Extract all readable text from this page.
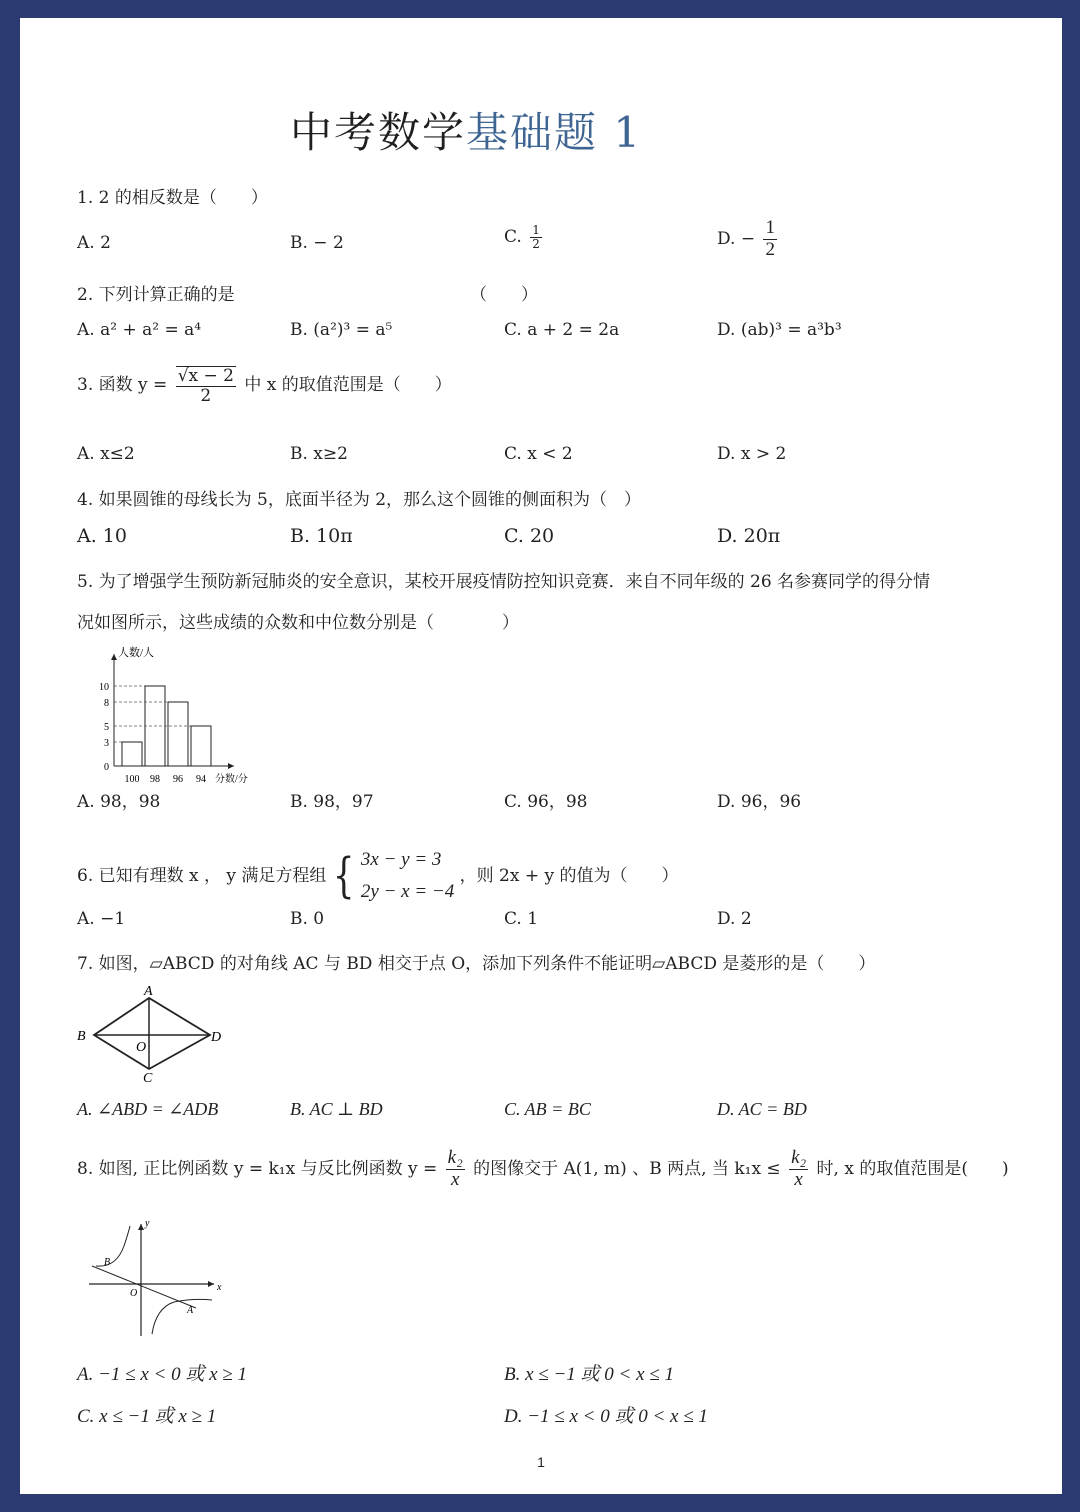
中考数学基础题 1
1. 2 的相反数是（　　）
A. 2	B. − 2	C. $\frac{1}{2}$	D. − $\frac{1}{2}$
2. 下列计算正确的是	（　　）
A. a² + a² = a⁴	B. (a²)³ = a⁵	C. a + 2 = 2a	D. (ab)³ = a³b³
3. 函数 $y = \frac{√x - 2}{2}$ 中 x 的取值范围是（　　）
A. x≤2	B. x≥2	C. x < 2	D. x > 2
4. 如果圆锥的母线长为 5，底面半径为 2，那么这个圆锥的侧面积为（　）
A. 10	B. 10π	C. 20	D. 20π
5. 为了增强学生预防新冠肺炎的安全意识，某校开展疫情防控知识竞赛．来自不同年级的 26 名参赛同学的得分情
况如图所示，这些成绩的众数和中位数分别是（　　　　）
人数/人
分数/分
0
3
5
8
10
100 98 96 94
A. 98，98	B. 98，97	C. 96，98	D. 96，96
6. 已知有理数 x ， y 满足方程组 { 3x − y = 3
2y − x = −4
，则 2x + y 的值为（　　）
A. −1	B. 0	C. 1	D. 2
7. 如图，▱ABCD 的对角线 AC 与 BD 相交于点 O，添加下列条件不能证明▱ABCD 是菱形的是（　　）
A
B
C
D
O
A. ∠ABD = ∠ADB	B. AC ⊥ BD	C. AB = BC	D. AC = BD
8. 如图, 正比例函数 y = k₁x 与反比例函数 $y = \frac{\text{k₂}}{x}$ 的图像交于 A(1, m) 、B 两点, 当 $k_1x \le \frac{\text{k₂}}{x}$ 时, x 的取值范围是(　　)
y
x
O
A
B
A. −1 ≤ x < 0 或 x ≥ 1	B. x ≤ −1 或 0 < x ≤ 1
C. x ≤ −1 或 x ≥ 1	D. −1 ≤ x < 0 或 0 < x ≤ 1
1
